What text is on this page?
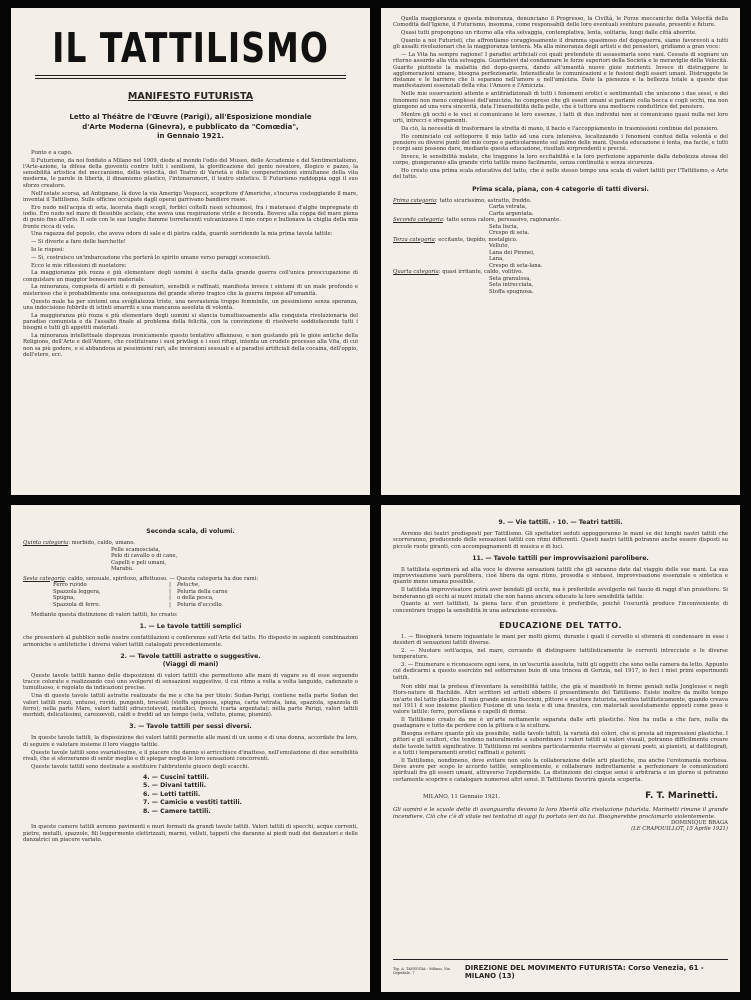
IL TATTILISMO
MANIFESTO FUTURISTA
Letto al Théâtre de l'Œuvre (Parigi), all'Esposizione mondiale
d'Arte Moderna (Ginevra), e pubblicato da "Comœdia",
in Gennaio 1921.

Punto e a capo.

Il Futurismo, da noi fondato a Milano nel 1909, diede al mondo l'odio del Museo, delle Accademie e del Sentimentalismo, l'Arte-azione, la difesa della gioventù contro tutti i senilismi, la glorificazione del genio novatore, illogico e pazzo, la sensibilità artistica del meccanismo, della velocità, del Teatro di Varietà e delle compenetrazioni simultanee della vita moderna, le parole in libertà, il dinamismo plastico, l'intonarumori, il teatro sintetico. Il Futurismo raddoppia oggi il suo sforzo creatore.

Nell'estate scorsa, ad Antignano, là dove la via Amerigo Vespucci, scopritore d'Americhe, s'incurva costeggiando il mare, inventai il Tattilismo. Sulle officine occupate dagli operai garrivano bandiere rosse.

Ero nudo nell'acqua di seta, lacerata dagli scogli, forbici coltelli rasoi schiumosi, fra i materassi d'alghe impregnate di iodio. Ero nudo nel mare di flessibile acciaio, che aveva una respirazione virile e feconda. Bevevo alla coppa del mare piena di genio fino all'orlo. Il sole con le sue lunghe fiamme torrefacenti vulcanizzava il mio corpo e bullonava la chiglia della mia fronte ricca di vele.

Una ragazza del popolo, che aveva odore di sale e di pietra calda, guardò sorridendo la mia prima tavola tattile:

— Si diverte a fare delle barchette!

Io le risposi:

— Sì, costruisco un'imbarcazione che porterà lo spirito umano verso paraggi sconosciuti.

Ecco le mie riflessioni di nuotatore:

La maggioranza più rozza e più elementare degli uomini è uscita dalla grande guerra coll'unica preoccupazione di conquistare un maggior benessere materiale.

La minoranza, composta di artisti e di pensatori, sensibili e raffinati, manifesta invece i sintomi di un male profondo e misterioso che è probabilmente una conseguenza del grande sforzo tragico che la guerra impose all'umanità.

Questo male ha per sintomi una svogliatezza triste, una nevrastenia troppo femminile, un pessimismo senza speranza, una indecisione febbrile di istinti smarriti e una mancanza assoluta di volontà.

La maggioranza più rozza e più elementare degli uomini si slancia tumultuosamente alla conquista rivoluzionaria del paradiso comunista e dà l'assalto finale al problema della felicità, con la convinzione di risolverlo soddisfacendo tutti i bisogni e tutti gli appetiti materiali.

La minoranza intellettuale disprezza ironicamente questo tentativo affannoso, e non gustando più le gioie antiche della Religione, dell'Arte e dell'Amore, che costituivano i suoi privilegi e i suoi rifugi, intenta un crudele processo alla Vita, di cui non sa più godere, e si abbandona ai pessimismi rari, alle inversioni sessuali e ai paradisi artificiali della cocaina, dell'oppio, dell'etere, ecc.

Quella maggioranza e questa minoranza, denunciano il Progresso, la Civiltà, le Forze meccaniche della Velocità della Comodità dell'Igiene, il Futurismo, insomma, come responsabili delle loro eventuali sventure passate, presenti e future.

Quasi tutti propongono un ritorno alla vita selvaggia, contemplativa, lenta, solitaria, lungi dalle città aborrite.

Quanto a noi Futuristi, che affrontiamo coraggiosamente il dramma spasimoso del dopoguerra, siamo favorevoli a tutti gli assalti rivoluzionari che la maggioranza tenterà. Ma alla minoranza degli artisti e dei pensatori, gridiamo a gran voce:

— La Vita ha sempre ragione! I paradisi artificiali coi quali pretendete di assassinarla sono vani. Cessate di sognare un ritorno assurdo alla vita selvaggia. Guardatevi dal condannare le forze superiori della Società e le meraviglie della Velocità. Guarite piuttosto la malattia del dopo-guerra, dando all'umanità nuove gioie nutrienti. Invece di distruggere le agglomerazioni umane, bisogna perfezionarle. Intensificate le comunicazioni e le fusioni degli esseri umani. Distruggete le distanze e le barriere che li separano nell'amore e nell'amicizia. Date la pienezza e la bellezza totale a queste due manifestazioni essenziali della vita: l'Amore e l'Amicizia.

Nelle mie osservazioni attente e antitradizionali di tutti i fenomeni erotici e sentimentali che uniscono i due sessi, e dei fenomeni non meno complessi dell'amicizia, ho compreso che gli esseri umani si parlano colla bocca e cogli occhi, ma non giungono ad una vera sincerità, data l'insensibilità della pelle, che è tuttora una mediocre conduttrice del pensiero.

Mentre gli occhi e le voci si comunicano le loro essenze, i tatti di due individui non si comunicano quasi nulla nei loro urti, intrecci e sfregamenti.

Da ciò, la necessità di trasformare la stretta di mano, il bacio e l'accoppiamento in trasmissioni continue del pensiero.

Ho cominciato col sottoporre il mio tatto ad una cura intensiva, localizzando i fenomeni confusi della volontà e del pensiero su diversi punti del mio corpo e particolarmente sul palmo delle mani. Questa educazione è lenta, ma facile, e tutti i corpi sani possono dare, mediante questa educazione, risultati sorprendenti e precisi.

Invece, le sensibilità malate, che traggono la loro eccitabilità e la loro perfezione apparente dalla debolezza stessa del corpo, giungeranno alla grande virtù tattile meno facilmente, senza continuità e senza sicurezza.

Ho creato una prima scala educativa del tatto, che è nello stesso tempo una scala di valori tattili per l'Tattilismo, o Arte del tatto.

Prima scala, piana, con 4 categorie di tatti diversi.
Prima categoria: tatto sicurissimo, astratto, freddo.
Carta vetrata,
Carta argentata.
Seconda categoria: tatto senza calore, persuasivo, ragionante.
Seta liscia,
Crespo di seta.
Terza categoria: eccitante, tiepido, nostalgico.
Velluto,
Lana dei Pirenei,
Lana,
Crespo di seta-lana.
Quarta categoria: quasi irritante, caldo, volitivo.
Seta granulosa,
Seta intrecciata,
Stoffa spugnosa.
Seconda scala, di volumi.
Quinta categoria: morbido, caldo, umano.
Pelle scamosciata,
Pelo di cavallo o di cane,
Capelli e peli umani,
Marabù.
Sesta categoria: caldo, sensuale, spiritoso, affettuoso. — Questa categoria ha due rami:
Ferro ruvido
Spazzola leggera,
Spugna,
Spazzola di ferro.
|
|
|
|
Peluche,
Peluria della carne
o della pesca,
Peluria d'uccello.

Mediante questa distinzione di valori tattili, ho creato:

1. — Le tavole tattili semplici

che presenterò al pubblico nelle nostre contattilazioni o conferenze sull'Arte del tatto. Ho disposto in sapienti combinazioni armoniche o antitetiche i diversi valori tattili catalogati precedentemente.

2. — Tavole tattili astratte o suggestive.
(Viaggi di mani)

Queste tavole tattili hanno delle disposizioni di valori tattili che permettono alle mani di vagare su di esse seguendo tracce colorate e realizzando così uno svolgersi di sensazioni suggestive, il cui ritmo a volta a volta languido, cadenzato o tumultuoso, è regolato da indicazioni precise.

Una di queste tavole tattili astratte realizzate da me e che ha per titolo: Sudan-Parigi, contiene nella parte Sudan dei valori tattili rozzi, untuosi, ruvidi, pungenti, bruciati (stoffa spugnosa, spugna, carta vetrata, lana, spazzola, spazzola di ferro); nella parte Mare, valori tattili sdrucciolevoli, metallici, freschi (carta argentata); nella parte Parigi, valori tattili morbidi, delicatissimi, carezzevoli, caldi e freddi ad un tempo (seta, velluto, piume, piumini).

3. — Tavole tattili per sessi diversi.

In queste tavole tattili, la disposizione dei valori tattili permette alle mani di un uomo e di una donna, accordate fra loro, di seguire e valutare insieme il loro viaggio tattile.

Queste tavole tattili sono svariatissime, e il piacere che danno si arricchisce d'inatteso, nell'emulazione di due sensibilità rivali, che si sforzeranno di sentir meglio e di spiegar meglio le loro sensazioni concorrenti.

Queste tavole tattili sono destinate a sostituire l'abbrutente giuoco degli scacchi.

4. — Cuscini tattili.
5. — Divani tattili.
6. — Letti tattili.
7. — Camicie e vestiti tattili.
8. — Camere tattili.

In queste camere tattili avremo pavimenti e muri formati da grandi tavole tattili. Valori tattili di specchi, acque correnti, pietre, metalli, spazzole, fili leggermente elettrizzati, marmi, velluti, tappeti che daranno ai piedi nudi dei danzatori e delle danzatrici un piacere variato.

9. — Vie tattili. - 10. — Teatri tattili.

Avremo dei teatri predisposti per Tattilismo. Gli spettatori seduti appoggeranno le mani su dei lunghi nastri tattili che scorreranno, producendo delle sensazioni tattili con ritmi differenti. Questi nastri tattili potranno anche essere disposti su piccole ruote giranti, con accompagnamenti di musica e di luci.

11. — Tavole tattili per improvvisazioni parolibere.

Il tattilista esprimerà ad alta voce le diverse sensazioni tattili che gli saranno date dal viaggio delle sue mani. La sua improvvisazione sarà parolibera, cioè libera da ogni ritmo, prosodia e sintassi, improvvisazione essenziale e sintetica e quanto meno umana possibile.

Il tattilista improvvisatore potrà aver bendati gli occhi, ma è preferibile avvolgerlo nel fascio di raggi d'un proiettore. Si benderanno gli occhi ai nuovi iniziati che non hanno ancora educato la loro sensibilità tattile.

Quanto ai veri tattilisti, la piena luce d'un proiettore è preferibile, poichè l'oscurità produce l'inconveniente di concentrare troppo la sensibilità in una astrazione eccessiva.

EDUCAZIONE DEL TATTO.

1. — Bisognerà tenere inguantate le mani per molti giorni, durante i quali il cervello si sforzerà di condensare in esse i desideri di sensazioni tattili diverse.

2. — Nuotare sott'acqua, nel mare, cercando di distinguere tattilisticamente le correnti intrecciate e le diverse temperature.

3. — Enumerare e riconoscere ogni sera, in un'oscurità assoluta, tutti gli oggetti che sono nella camera da letto. Appunto col dedicarmi a questo esercizio nel sotterraneo buio di una trincea di Gorizia, nel 1917, io feci i miei primi esperimenti tattili.

Non ebbi mai la pretesa d'inventare la sensibilità tattile, che già si manifestò in forme geniali nella Jongleuse e negli Hors-nature di Rachilde. Altri scrittori ed artisti ebbero il presentimento del Tattilismo. Esiste inoltre da molto tempo un'arte del tatto plastico. Il mio grande amico Boccioni, pittore e scultore futurista, sentiva tattilisticamente, quando creava nel 1911 il suo insieme plastico Fusione di una testa e di una finestra, con materiali assolutamente opposti come peso e valore tattile: ferro, porcellana e capelli di donna.

Il Tattilismo creato da me è un'arte nettamente separata dalle arti plastiche. Non ha nulla a che fare, nulla da guadagnare e tutto da perdere con la pittura o la scultura.

Bisogna evitare quanto più sia possibile, nelle tavole tattili, la varietà dei colori, che si presta ad impressioni plastiche. I pittori e gli scultori, che tendono naturalmente a subordinare i valori tattili ai valori visuali, potranno difficilmente creare delle tavole tattili significative. Il Tattilismo mi sembra particolarmente riservato ai giovani poeti, ai pianisti, ai dattilografi, e a tutti i temperamenti erotici raffinati e potenti.

Il Tattilismo, nondimeno, deve evitare non solo la collaborazione delle arti plastiche, ma anche l'erotomania morbosa. Deve avere per scopo lo accordo tattile, semplicemente, e collaborare indirettamente a perfezionare le comunicazioni spirituali fra gli esseri umani, attraverso l'epidermide. La distinzione dei cinque sensi è arbitraria e un giorno si potranno certamente scoprire e catalogare numerosi altri sensi. Il Tattilismo favorirà questa scoperta.

MILANO, 11 Gennaio 1921.	F. T. Marinetti.
Gli uomini e le scuole dette di avanguardia devono la loro libertà alla rivoluzione futurista. Marinetti rimane il grande incendiere. Ciò che c'è di vitale nei tentativi di oggi fu portato ieri da lui. Bisognerebbe proclamarlo violentemente.
DOMINIQUE BRAGA
(LE CRAPOUILLOT, 15 Aprile 1921)
Tip. A. TAVEGGIA - Milano, Via Ospedale, 7
DIREZIONE DEL MOVIMENTO FUTURISTA: Corso Venezia, 61 - MILANO (13)
